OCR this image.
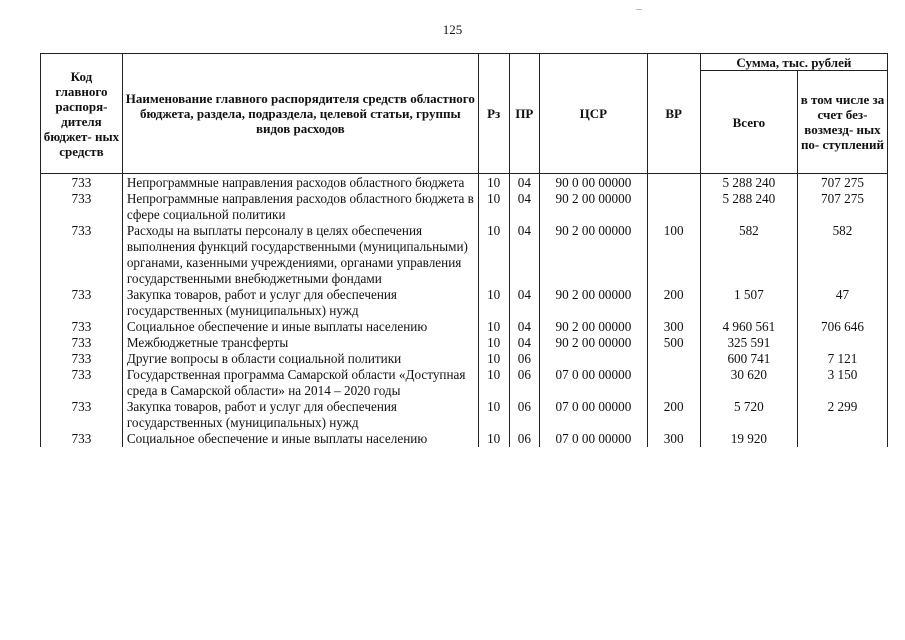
125
Код главного распоря- дителя бюджет- ных средств	Наименование главного распорядителя средств областного бюджета, раздела, подраздела, целевой статьи, группы видов расходов	Рз	ПР	ЦСР	ВР	Сумма, тыс. рублей	
						Всего	в том числе за счет без- возмезд- ных по- ступлений
733	Непрограммные направления расходов областного бюджета	10	04	90 0 00 00000		5 288 240	707 275
733	Непрограммные направления расходов областного бюджета в сфере социальной политики	10	04	90 2 00 00000		5 288 240	707 275
733	Расходы на выплаты персоналу в целях обеспечения выполнения функций государственными (муниципальными) органами, казенными учреждениями, органами управления государственными внебюджетными фондами	10	04	90 2 00 00000	100	582	582
733	Закупка товаров, работ и услуг для обеспечения государственных (муниципальных) нужд	10	04	90 2 00 00000	200	1 507	47
733	Социальное обеспечение и иные выплаты населению	10	04	90 2 00 00000	300	4 960 561	706 646
733	Межбюджетные трансферты	10	04	90 2 00 00000	500	325 591	
733	Другие вопросы в области социальной политики	10	06			600 741	7 121
733	Государственная программа Самарской области «Доступная среда в Самарской области» на 2014 – 2020 годы	10	06	07 0 00 00000		30 620	3 150
733	Закупка товаров, работ и услуг для обеспечения государственных (муниципальных) нужд	10	06	07 0 00 00000	200	5 720	2 299
733	Социальное обеспечение и иные выплаты населению	10	06	07 0 00 00000	300	19 920	
